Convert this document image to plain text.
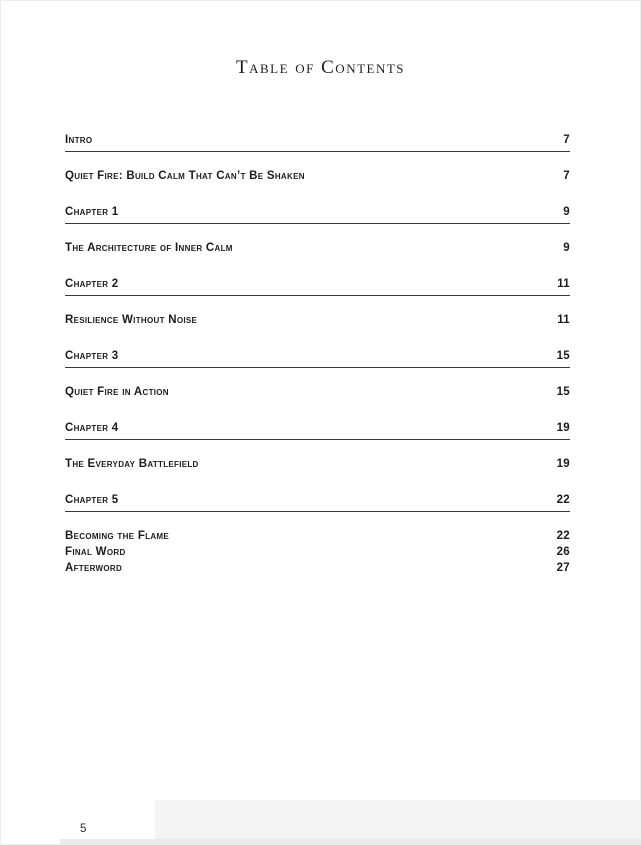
Table of Contents
Intro	7
Quiet Fire: Build Calm That Can’t Be Shaken	7
Chapter 1	9
The Architecture of Inner Calm	9
Chapter 2	11
Resilience Without Noise	11
Chapter 3	15
Quiet Fire in Action	15
Chapter 4	19
The Everyday Battlefield	19
Chapter 5	22
Becoming the Flame	22
Final Word	26
Afterword	27
5
